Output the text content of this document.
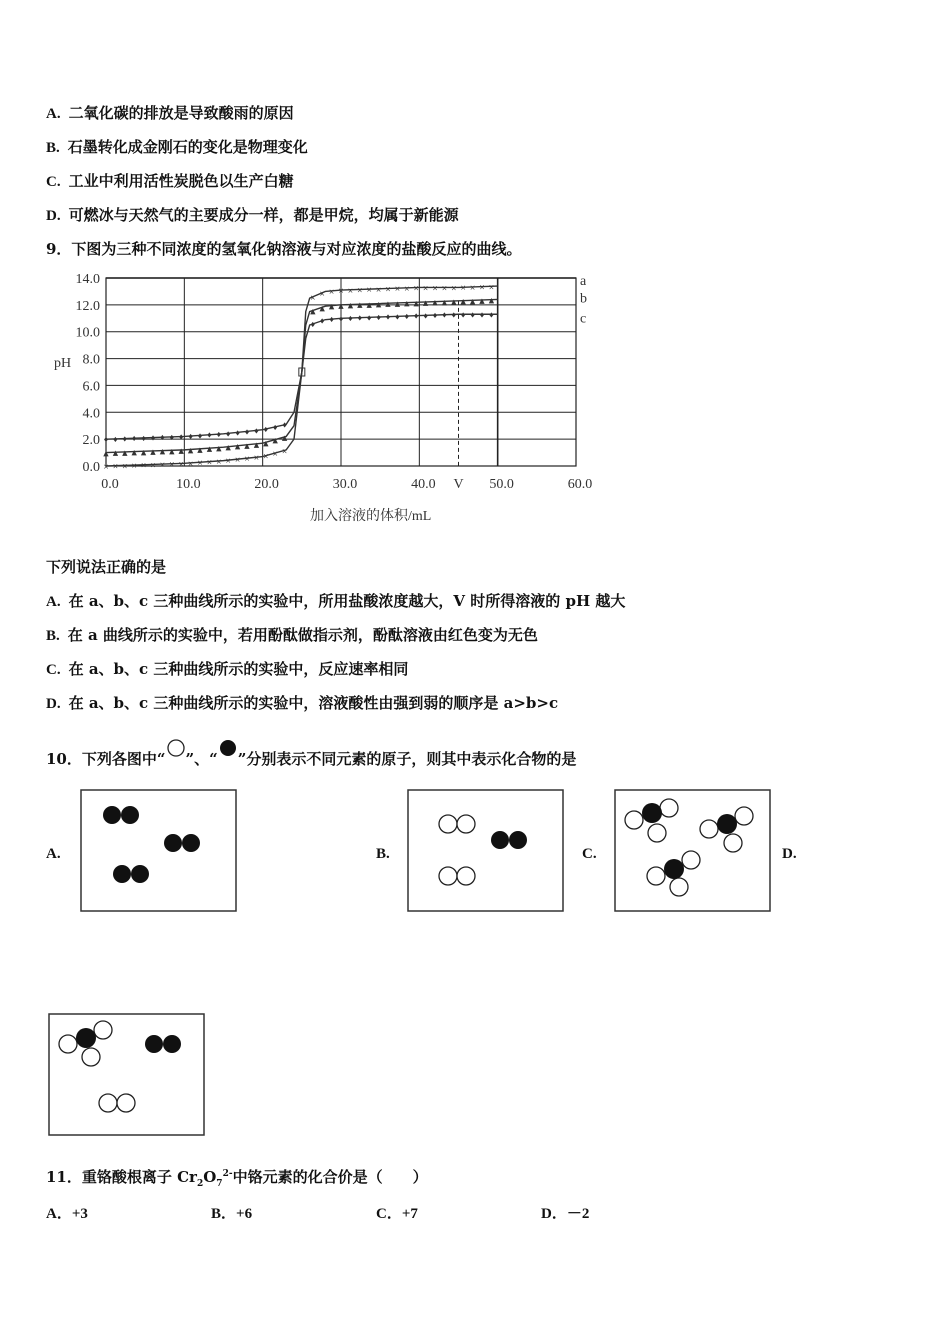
A. 二氧化碳的排放是导致酸雨的原因
B. 石墨转化成金刚石的变化是物理变化
C. 工业中利用活性炭脱色以生产白糖
D. 可燃冰与天然气的主要成分一样，都是甲烷，均属于新能源
9．下图为三种不同浓度的氢氧化钠溶液与对应浓度的盐酸反应的曲线。
0.0
2.0
4.0
6.0
8.0
10.0
12.0
14.0
0.0	10.0	20.0	30.0	40.0 V 50.0	60.0
× × × × × × × × × × × × × × × × × × × ×
×
× × × × × × × × × × × × × × × × × × ×	a
▲ ▲ ▲ ▲ ▲ ▲ ▲ ▲ ▲ ▲ ▲ ▲ ▲ ▲ ▲ ▲ ▲ ▲ ▲ ▲
▲ ▲ ▲ ▲ ▲ ▲ ▲ ▲ ▲ ▲ ▲ ▲ ▲ ▲ ▲ ▲ ▲ ▲ ▲ ▲	b
♦ ♦ ♦ ♦ ♦ ♦ ♦ ♦ ♦ ♦ ♦ ♦ ♦ ♦ ♦ ♦ ♦ ♦ ♦ ♦
♦ ♦ ♦ ♦ ♦ ♦ ♦ ♦ ♦ ♦ ♦ ♦ ♦ ♦ ♦ ♦ ♦ ♦ ♦ ♦	c
pH
加入溶液的体积/mL
下列说法正确的是
A. 在 a、b、c 三种曲线所示的实验中，所用盐酸浓度越大，V 时所得溶液的 pH 越大
B. 在 a 曲线所示的实验中，若用酚酞做指示剂，酚酞溶液由红色变为无色
C. 在 a、b、c 三种曲线所示的实验中，反应速率相同
D. 在 a、b、c 三种曲线所示的实验中，溶液酸性由强到弱的顺序是 a>b>c
10．下列各图中“ ”、“ ”分别表示不同元素的原子，则其中表示化合物的是
A.	B.	C.	D.
11．重铬酸根离子 $Cr_2O_7^{2-}$中铬元素的化合价是（　　）
A．+3	B．+6	C．+7	D．－2
